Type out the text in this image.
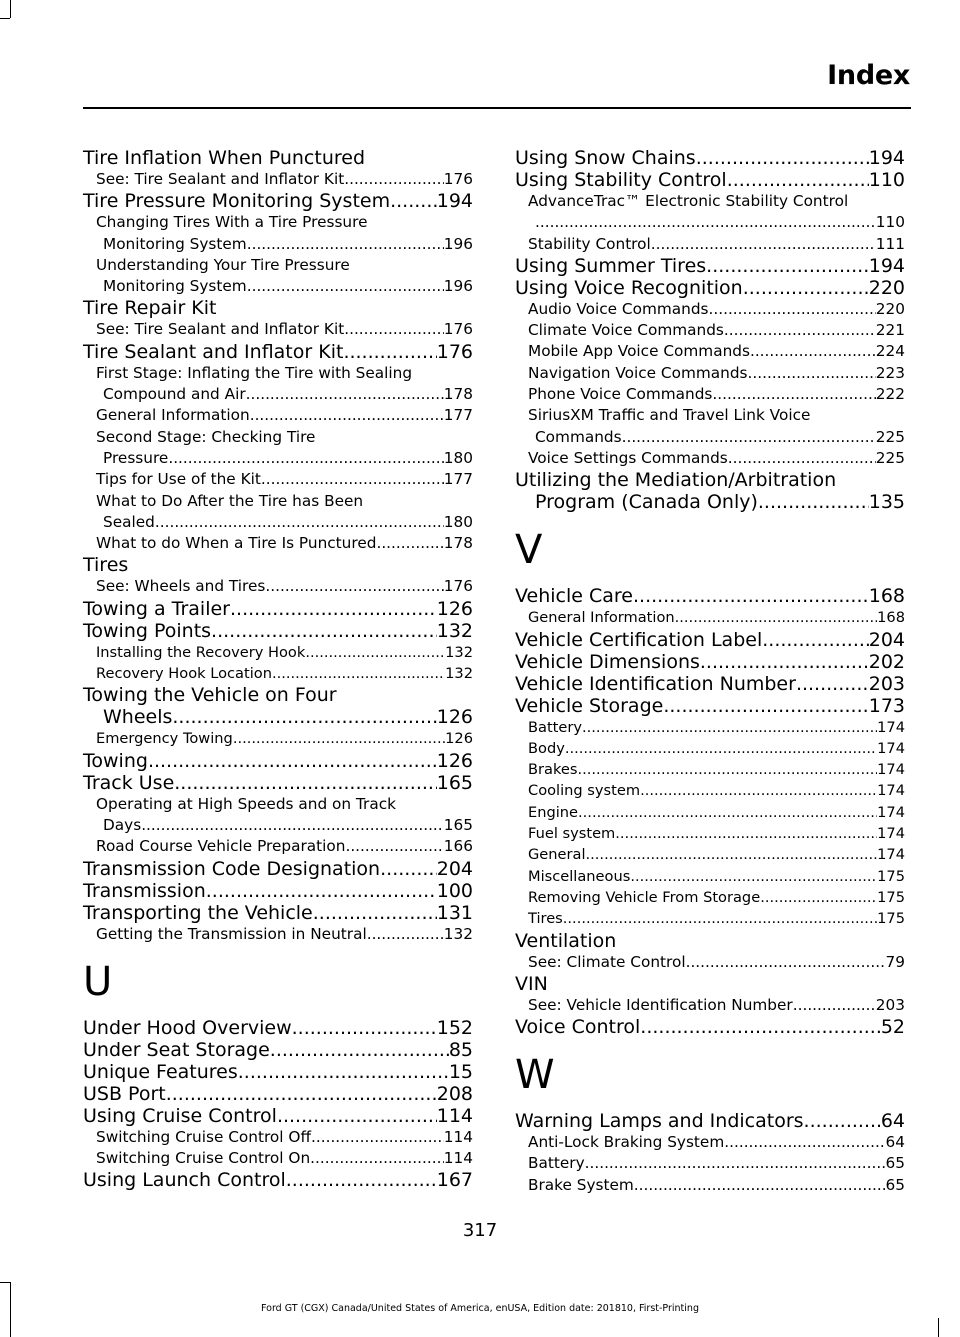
Index
Tire Inflation When Punctured
See: Tire Sealant and Inflator Kit .....	176
Tire Pressure Monitoring System ..... 194
Changing Tires With a Tire Pressure
Monitoring System .....	196
Understanding Your Tire Pressure
Monitoring System .....	196
Tire Repair Kit
See: Tire Sealant and Inflator Kit .....	176
Tire Sealant and Inflator Kit .....	176
First Stage: Inflating the Tire with Sealing
Compound and Air .....	178
General Information .....	177
Second Stage: Checking Tire
Pressure .....	180
Tips for Use of the Kit .....	177
What to Do After the Tire has Been
Sealed .....	180
What to do When a Tire Is Punctured .....	178
Tires
See: Wheels and Tires .....	176
Towing a Trailer .....	126
Towing Points .....	132
Installing the Recovery Hook .....	132
Recovery Hook Location .....	132
Towing the Vehicle on Four
Wheels .....	126
Emergency Towing .....	126
Towing .....	126
Track Use .....	165
Operating at High Speeds and on Track
Days .....	165
Road Course Vehicle Preparation .....	166
Transmission Code Designation .....	204
Transmission .....	100
Transporting the Vehicle .....	131
Getting the Transmission in Neutral .....	132
U
Under Hood Overview .....	152
Under Seat Storage .....	85
Unique Features .....	15
USB Port .....	208
Using Cruise Control .....	114
Switching Cruise Control Off .....	114
Switching Cruise Control On .....	114
Using Launch Control .....	167
Using Snow Chains .....	194
Using Stability Control .....	110
AdvanceTrac™ Electronic Stability Control
.....
110
Stability Control .....	111
Using Summer Tires .....	194
Using Voice Recognition .....	220
Audio Voice Commands .....	220
Climate Voice Commands .....	221
Mobile App Voice Commands .....	224
Navigation Voice Commands .....	223
Phone Voice Commands .....	222
SiriusXM Traffic and Travel Link Voice
Commands .....	225
Voice Settings Commands .....	225
Utilizing the Mediation/Arbitration
Program (Canada Only) .....	135
V
Vehicle Care .....	168
General Information .....	168
Vehicle Certification Label .....	204
Vehicle Dimensions .....	202
Vehicle Identification Number .....	203
Vehicle Storage .....	173
Battery .....	174
Body .....	174
Brakes .....	174
Cooling system .....	174
Engine .....	174
Fuel system .....	174
General .....	174
Miscellaneous .....	175
Removing Vehicle From Storage .....	175
Tires .....	175
Ventilation
See: Climate Control .....	79
VIN
See: Vehicle Identification Number .....	203
Voice Control .....	52
W
Warning Lamps and Indicators .....	64
Anti-Lock Braking System .....	64
Battery .....	65
Brake System .....	65
317
Ford GT (CGX) Canada/United States of America, enUSA, Edition date: 201810, First-Printing
